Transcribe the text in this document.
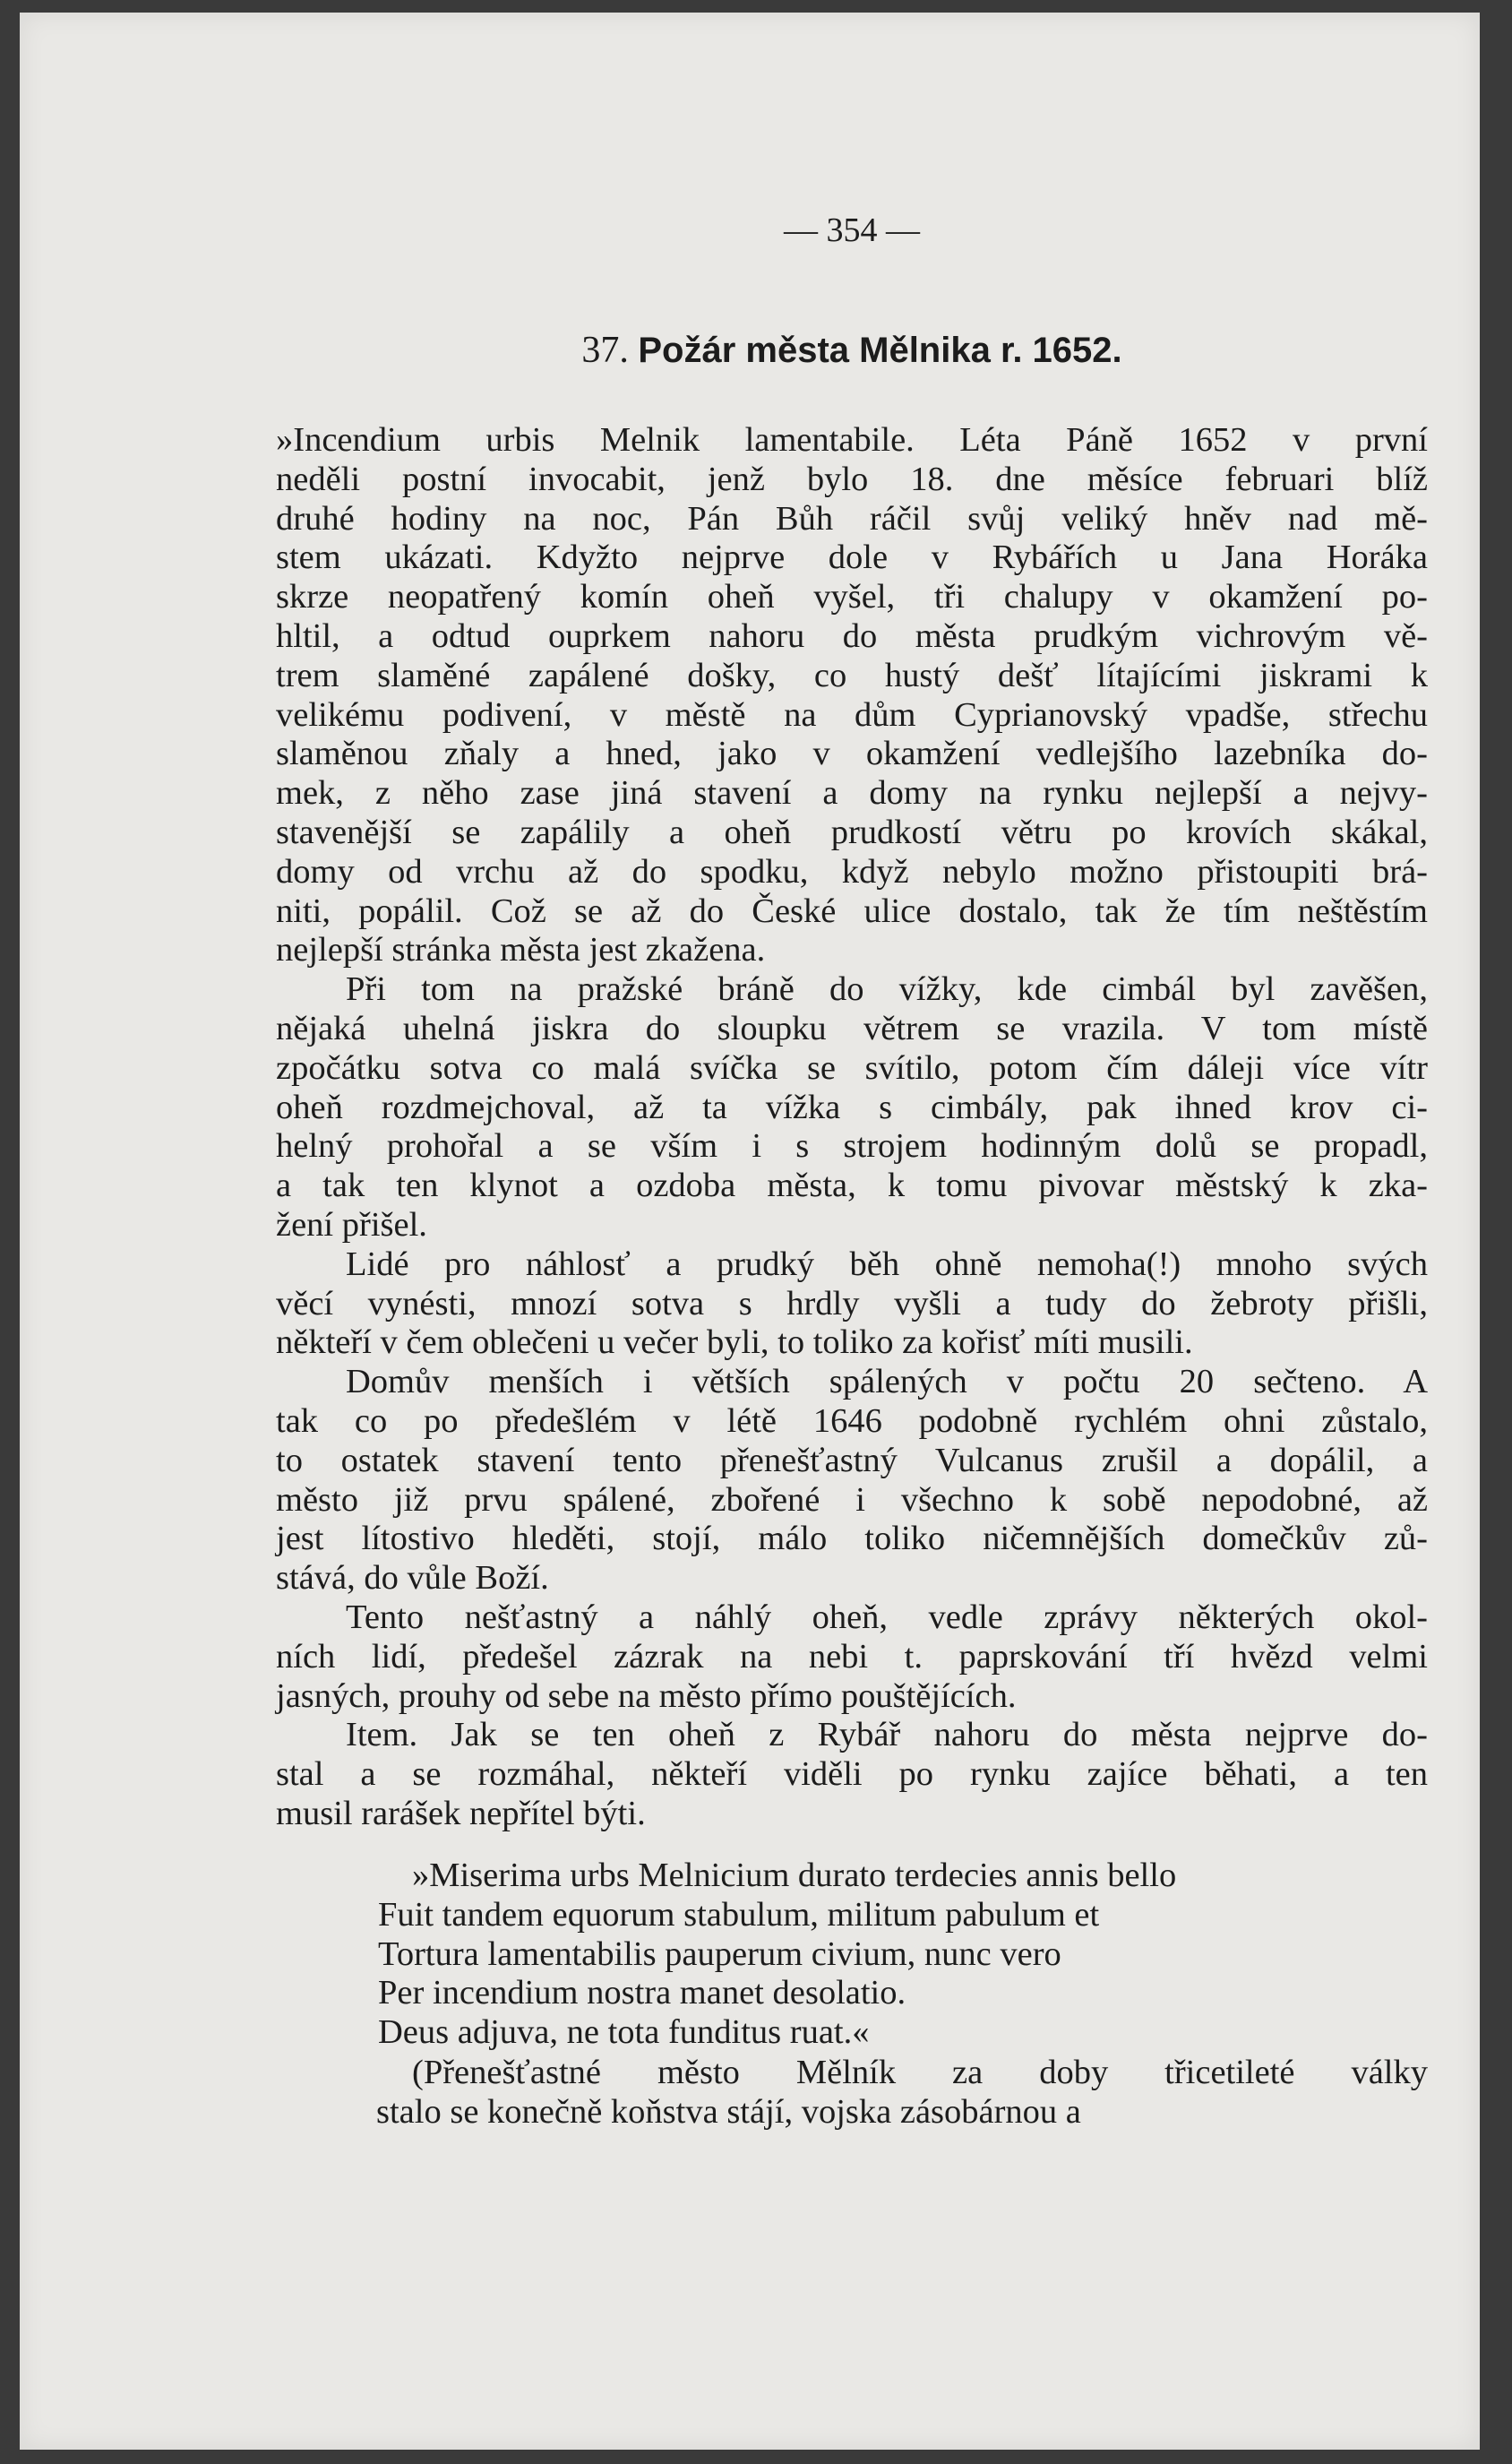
— 354 —
37. Požár města Mělnika r. 1652.
»Incendium urbis Melnik lamentabile. Léta Páně 1652 v první
neděli postní invocabit, jenž bylo 18. dne měsíce februari blíž
druhé hodiny na noc, Pán Bůh ráčil svůj veliký hněv nad mě-
stem ukázati. Kdyžto nejprve dole v Rybářích u Jana Horáka
skrze neopatřený komín oheň vyšel, tři chalupy v okamžení po-
hltil, a odtud ouprkem nahoru do města prudkým vichrovým vě-
trem slaměné zapálené došky, co hustý dešť lítajícími jiskrami k
velikému podivení, v městě na dům Cyprianovský vpadše, střechu
slaměnou zňaly a hned, jako v okamžení vedlejšího lazebníka do-
mek, z něho zase jiná stavení a domy na rynku nejlepší a nejvy-
stavenější se zapálily a oheň prudkostí větru po krovích skákal,
domy od vrchu až do spodku, když nebylo možno přistoupiti brá-
niti, popálil. Což se až do České ulice dostalo, tak že tím neštěstím
nejlepší stránka města jest zkažena.
Při tom na pražské bráně do vížky, kde cimbál byl zavěšen,
nějaká uhelná jiskra do sloupku větrem se vrazila. V tom místě
zpočátku sotva co malá svíčka se svítilo, potom čím dáleji více vítr
oheň rozdmejchoval, až ta vížka s cimbály, pak ihned krov ci-
helný prohořal a se vším i s strojem hodinným dolů se propadl,
a tak ten klynot a ozdoba města, k tomu pivovar městský k zka-
žení přišel.
Lidé pro náhlosť a prudký běh ohně nemoha(!) mnoho svých
věcí vynésti, mnozí sotva s hrdly vyšli a tudy do žebroty přišli,
někteří v čem oblečeni u večer byli, to toliko za kořisť míti musili.
Domův menších i větších spálených v počtu 20 sečteno. A
tak co po předešlém v létě 1646 podobně rychlém ohni zůstalo,
to ostatek stavení tento přenešťastný Vulcanus zrušil a dopálil, a
město již prvu spálené, zbořené i všechno k sobě nepodobné, až
jest lítostivo hleděti, stojí, málo toliko ničemnějších domečkův zů-
stává, do vůle Boží.
Tento nešťastný a náhlý oheň, vedle zprávy některých okol-
ních lidí, předešel zázrak na nebi t. paprskování tří hvězd velmi
jasných, prouhy od sebe na město přímo pouštějících.
Item. Jak se ten oheň z Rybář nahoru do města nejprve do-
stal a se rozmáhal, někteří viděli po rynku zajíce běhati, a ten
musil rarášek nepřítel býti.
»Miserima urbs Melnicium durato terdecies annis bello
Fuit tandem equorum stabulum, militum pabulum et
Tortura lamentabilis pauperum civium, nunc vero
Per incendium nostra manet desolatio.
Deus adjuva, ne tota funditus ruat.«
(Přenešťastné město Mělník za doby třicetileté války
stalo se konečně koňstva stájí, vojska zásobárnou a
